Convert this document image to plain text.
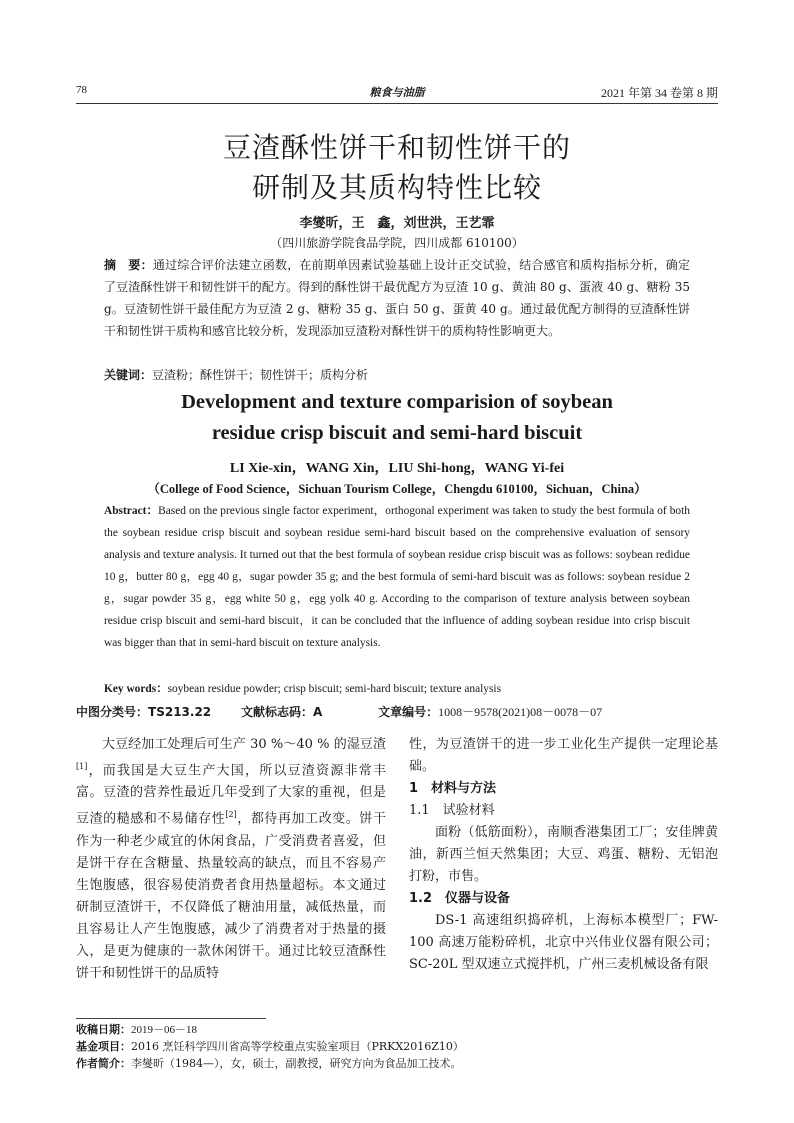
78	粮食与油脂	2021 年第 34 卷第 8 期
豆渣酥性饼干和韧性饼干的
研制及其质构特性比较
李燮昕，王　鑫，刘世洪，王艺霏
（四川旅游学院食品学院，四川成都 610100）
摘　要：通过综合评价法建立函数，在前期单因素试验基础上设计正交试验，结合感官和质构指标分析，确定了豆渣酥性饼干和韧性饼干的配方。得到的酥性饼干最优配方为豆渣 10 g、黄油 80 g、蛋液 40 g、糖粉 35 g。豆渣韧性饼干最佳配方为豆渣 2 g、糖粉 35 g、蛋白 50 g、蛋黄 40 g。通过最优配方制得的豆渣酥性饼干和韧性饼干质构和感官比较分析，发现添加豆渣粉对酥性饼干的质构特性影响更大。
关键词：豆渣粉；酥性饼干；韧性饼干；质构分析
Development and texture comparision of soybean
residue crisp biscuit and semi-hard biscuit
LI Xie-xin，WANG Xin，LIU Shi-hong，WANG Yi-fei
（College of Food Science，Sichuan Tourism College，Chengdu 610100，Sichuan，China）
Abstract：Based on the previous single factor experiment，orthogonal experiment was taken to study the best formula of both the soybean residue crisp biscuit and soybean residue semi-hard biscuit based on the comprehensive evaluation of sensory analysis and texture analysis. It turned out that the best formula of soybean residue crisp biscuit was as follows: soybean redidue 10 g，butter 80 g，egg 40 g，sugar powder 35 g; and the best formula of semi-hard biscuit was as follows: soybean residue 2 g，sugar powder 35 g，egg white 50 g，egg yolk 40 g. According to the comparison of texture analysis between soybean residue crisp biscuit and semi-hard biscuit，it can be concluded that the influence of adding soybean residue into crisp biscuit was bigger than that in semi-hard biscuit on texture analysis.
Key words：soybean residue powder; crisp biscuit; semi-hard biscuit; texture analysis
中图分类号：TS213.22 文献标志码：A	文章编号：1008－9578(2021)08－0078－07
大豆经加工处理后可生产 30 %～40 % 的湿豆渣[1]，而我国是大豆生产大国，所以豆渣资源非常丰富。豆渣的营养性最近几年受到了大家的重视，但是豆渣的糙感和不易储存性[2]，都待再加工改变。饼干作为一种老少咸宜的休闲食品，广受消费者喜爱，但是饼干存在含糖量、热量较高的缺点，而且不容易产生饱腹感，很容易使消费者食用热量超标。本文通过研制豆渣饼干，不仅降低了糖油用量，减低热量，而且容易让人产生饱腹感，减少了消费者对于热量的摄入，是更为健康的一款休闲饼干。通过比较豆渣酥性饼干和韧性饼干的品质特
性，为豆渣饼干的进一步工业化生产提供一定理论基础。
1　材料与方法
1.1　试验材料
面粉（低筋面粉），南顺香港集团工厂；安佳牌黄油，新西兰恒天然集团；大豆、鸡蛋、糖粉、无铝泡打粉，市售。
1.2　仪器与设备
DS-1 高速组织捣碎机，上海标本模型厂；FW-100 高速万能粉碎机，北京中兴伟业仪器有限公司；SC-20L 型双速立式搅拌机，广州三麦机械设备有限
收稿日期：2019－06－18
基金项目：2016 烹饪科学四川省高等学校重点实验室项目（PRKX2016Z10）
作者简介：李燮昕（1984—），女，硕士，副教授，研究方向为食品加工技术。
